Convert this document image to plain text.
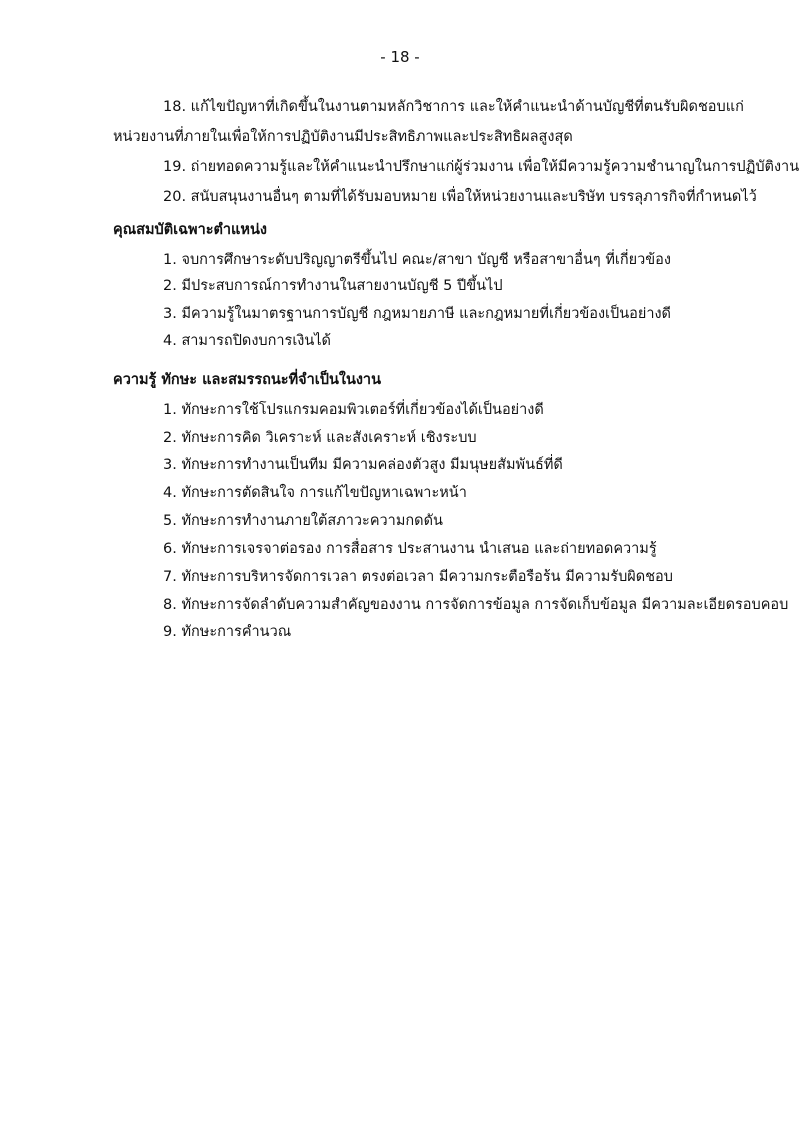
- 18 -
18. แก้ไขปัญหาที่เกิดขึ้นในงานตามหลักวิชาการ และให้คำแนะนำด้านบัญชีที่ตนรับผิดชอบแก่
หน่วยงานที่ภายในเพื่อให้การปฏิบัติงานมีประสิทธิภาพและประสิทธิผลสูงสุด
19. ถ่ายทอดความรู้และให้คำแนะนำปรึกษาแก่ผู้ร่วมงาน เพื่อให้มีความรู้ความชำนาญในการปฏิบัติงาน
20. สนับสนุนงานอื่นๆ ตามที่ได้รับมอบหมาย เพื่อให้หน่วยงานและบริษัท บรรลุภารกิจที่กำหนดไว้
คุณสมบัติเฉพาะตำแหน่ง
1. จบการศึกษาระดับปริญญาตรีขึ้นไป คณะ/สาขา บัญชี หรือสาขาอื่นๆ ที่เกี่ยวข้อง
2. มีประสบการณ์การทำงานในสายงานบัญชี 5 ปีขึ้นไป
3. มีความรู้ในมาตรฐานการบัญชี กฎหมายภาษี และกฎหมายที่เกี่ยวข้องเป็นอย่างดี
4. สามารถปิดงบการเงินได้
ความรู้ ทักษะ และสมรรถนะที่จำเป็นในงาน
1. ทักษะการใช้โปรแกรมคอมพิวเตอร์ที่เกี่ยวข้องได้เป็นอย่างดี
2. ทักษะการคิด วิเคราะห์ และสังเคราะห์ เชิงระบบ
3. ทักษะการทำงานเป็นทีม มีความคล่องตัวสูง มีมนุษยสัมพันธ์ที่ดี
4. ทักษะการตัดสินใจ การแก้ไขปัญหาเฉพาะหน้า
5. ทักษะการทำงานภายใต้สภาวะความกดดัน
6. ทักษะการเจรจาต่อรอง การสื่อสาร ประสานงาน นำเสนอ และถ่ายทอดความรู้
7. ทักษะการบริหารจัดการเวลา ตรงต่อเวลา มีความกระตือรือร้น มีความรับผิดชอบ
8. ทักษะการจัดลำดับความสำคัญของงาน การจัดการข้อมูล การจัดเก็บข้อมูล มีความละเอียดรอบคอบ
9. ทักษะการคำนวณ
